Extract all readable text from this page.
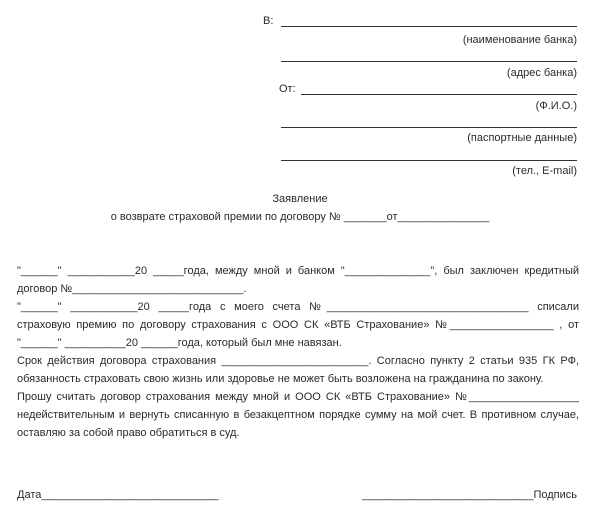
В:
(наименование банка)
(адрес банка)
От:
(Ф.И.О.)
(паспортные данные)
(тел., E-mail)
Заявление
о возврате страховой премии по договору № _______от_______________

"______" ___________20 _____года, между мной и банком "______________", был заключен кредитный договор №____________________________.

"______" ___________20 _____года с моего счета №_________________________________ списали страховую премию по договору страхования с ООО СК «ВТБ Страхование» №_________________ , от "______" __________20 ______года, который был мне навязан.

Срок действия договора страхования ________________________. Согласно пункту 2 статьи 935 ГК РФ, обязанность страховать свою жизнь или здоровье не может быть возложена на гражданина по закону.

Прошу считать договор страхования между мной и ООО СК «ВТБ Страхование» №__________________ недействительным и вернуть списанную в безакцептном порядке сумму на мой счет. В противном случае, оставляю за собой право обратиться в суд.

Дата_____________________________	____________________________Подпись
